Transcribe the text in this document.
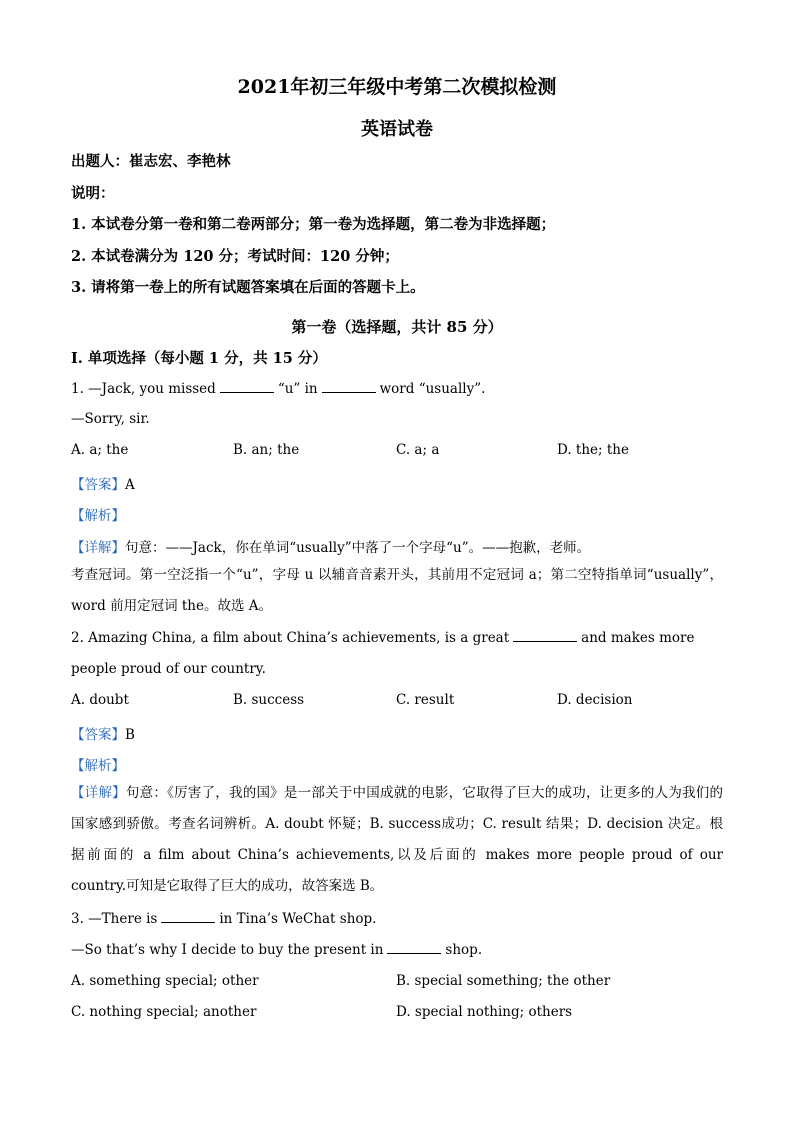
2021年初三年级中考第二次模拟检测
英语试卷
出题人：崔志宏、李艳林
说明：
1. 本试卷分第一卷和第二卷两部分；第一卷为选择题，第二卷为非选择题；
2. 本试卷满分为 120 分；考试时间：120 分钟；
3. 请将第一卷上的所有试题答案填在后面的答题卡上。
第一卷（选择题，共计 85 分）
I. 单项选择（每小题 1 分，共 15 分）
1. —Jack, you missed	“u” in	word “usually”.
—Sorry, sir.
A. a; the	B. an; the	C. a; a	D. the; the
【答案】A
【解析】
【详解】句意：——Jack，你在单词“usually”中落了一个字母“u”。——抱歉，老师。
考查冠词。第一空泛指一个“u”，字母 u 以辅音音素开头，其前用不定冠词 a；第二空特指单词“usually”，word 前用定冠词 the。故选 A。
2. Amazing China, a film about China’s achievements, is a great	and makes more
people proud of our country.
A. doubt	B. success	C. result	D. decision
【答案】B
【解析】
【详解】句意：《厉害了，我的国》是一部关于中国成就的电影，它取得了巨大的成功，让更多的人为我们的国家感到骄傲。考查名词辨析。A. doubt 怀疑；B. success成功；C. result 结果；D. decision 决定。根据前面的 a film about China’s achievements,以及后面的 makes more people proud of our country.可知是它取得了巨大的成功，故答案选 B。
3. —There is	in Tina’s WeChat shop.
—So that’s why I decide to buy the present in	shop.
A. something special; other	B. special something; the other
C. nothing special; another	D. special nothing; others
